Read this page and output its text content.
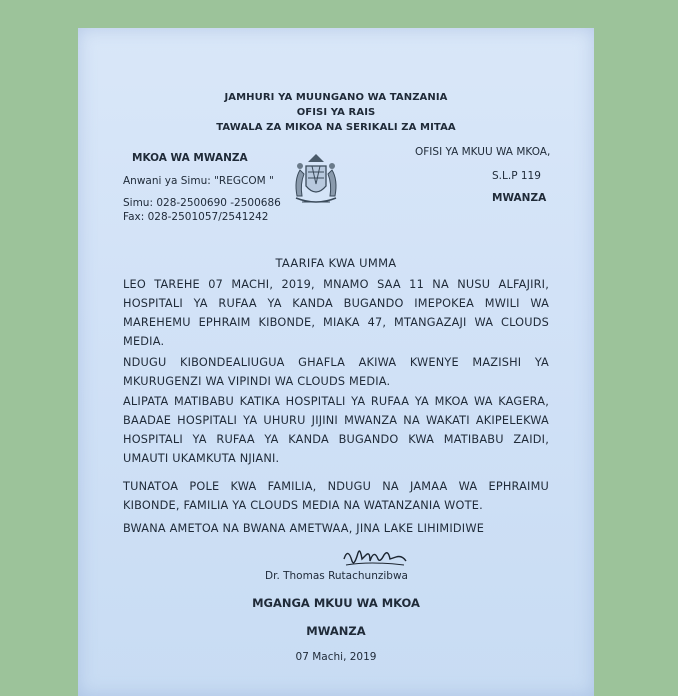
JAMHURI YA MUUNGANO WA TANZANIA
OFISI YA RAIS
TAWALA ZA MIKOA NA SERIKALI ZA MITAA
MKOA WA MWANZA
Anwani ya Simu: "REGCOM "
Simu: 028-2500690 -2500686
Fax: 028-2501057/2541242
OFISI YA MKUU WA MKOA,
S.L.P 119
MWANZA
TAARIFA KWA UMMA
LEO TAREHE 07 MACHI, 2019, MNAMO SAA 11 NA NUSU ALFAJIRI, HOSPITALI YA RUFAA YA KANDA BUGANDO IMEPOKEA MWILI WA MAREHEMU EPHRAIM KIBONDE, MIAKA 47, MTANGAZAJI WA CLOUDS MEDIA.
NDUGU KIBONDEALIUGUA GHAFLA AKIWA KWENYE MAZISHI YA MKURUGENZI WA VIPINDI WA CLOUDS MEDIA.
ALIPATA MATIBABU KATIKA HOSPITALI YA RUFAA YA MKOA WA KAGERA, BAADAE HOSPITALI YA UHURU JIJINI MWANZA NA WAKATI AKIPELEKWA HOSPITALI YA RUFAA YA KANDA BUGANDO KWA MATIBABU ZAIDI, UMAUTI UKAMKUTA NJIANI.
TUNATOA POLE KWA FAMILIA, NDUGU NA JAMAA WA EPHRAIMU KIBONDE, FAMILIA YA CLOUDS MEDIA NA WATANZANIA WOTE.
BWANA AMETOA NA BWANA AMETWAA, JINA LAKE LIHIMIDIWE
Dr. Thomas Rutachunzibwa
MGANGA MKUU WA MKOA
MWANZA
07 Machi, 2019
